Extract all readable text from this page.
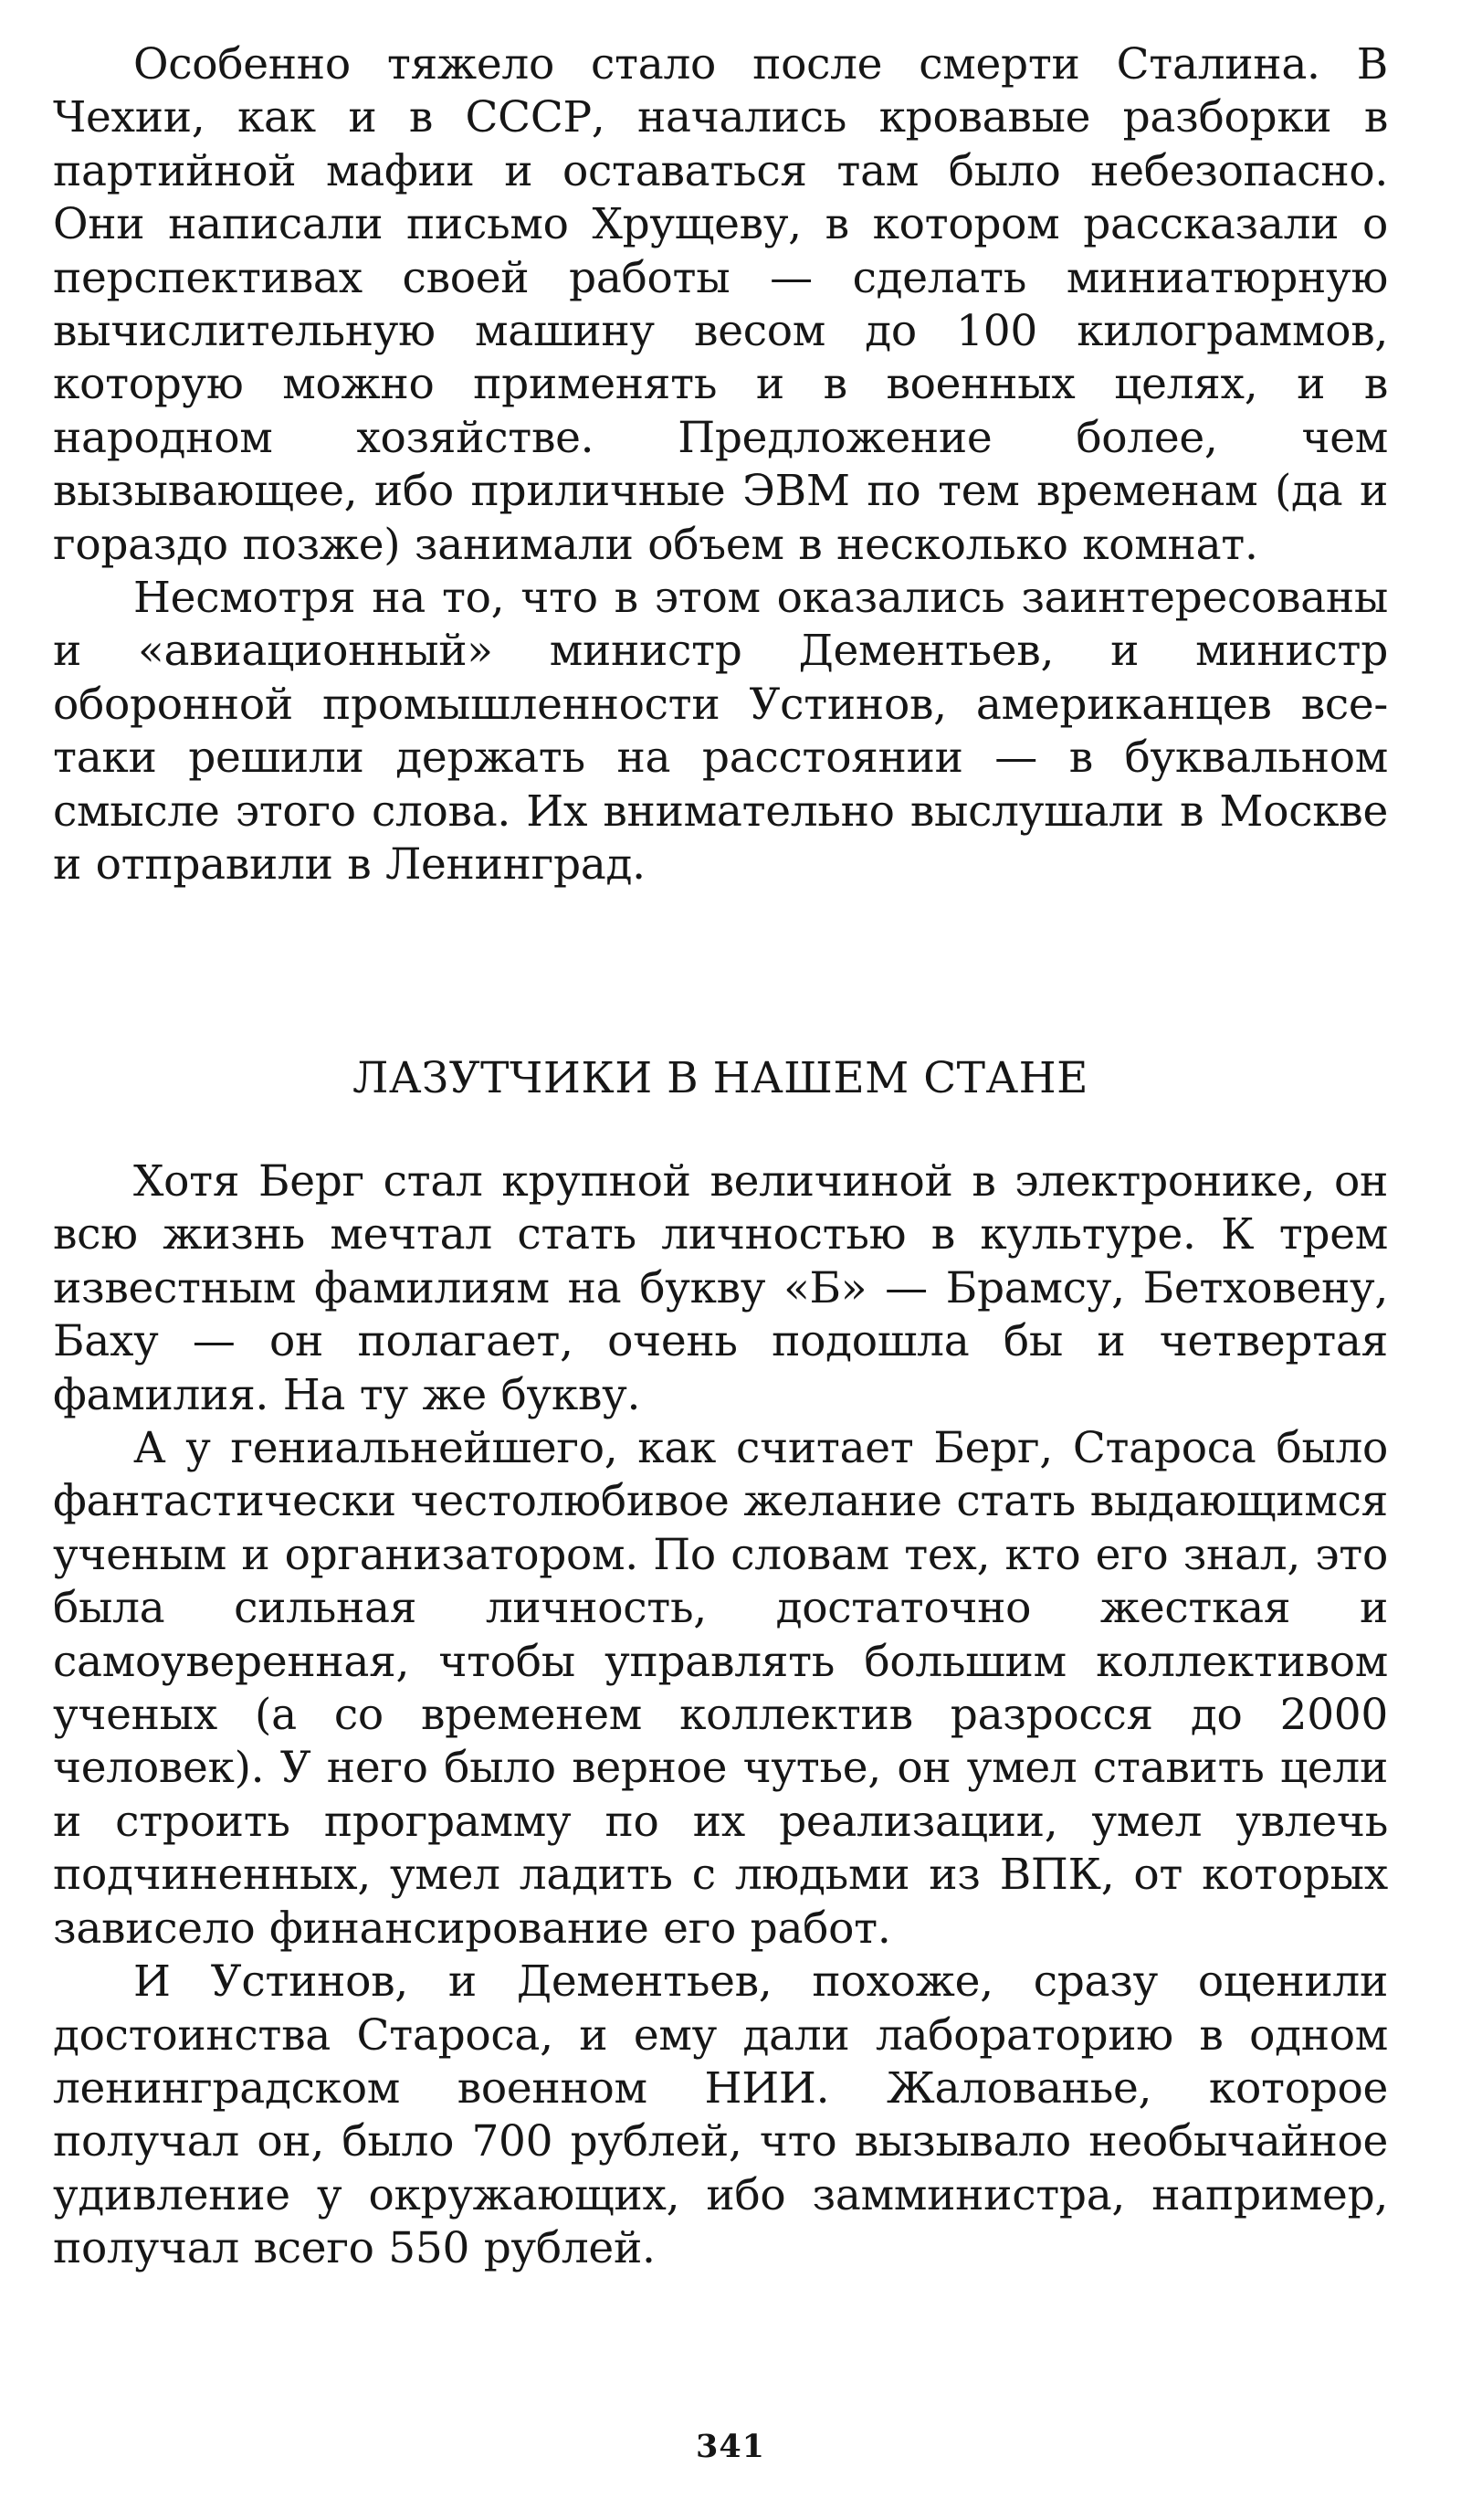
Особенно тяжело стало после смерти Сталина. В Чехии, как и в СССР, начались кровавые разборки в партийной мафии и оставаться там было небезопасно. Они написали письмо Хрущеву, в котором рассказали о перспективах своей работы — сделать миниатюрную вычислительную машину весом до 100 килограммов, которую можно применять и в военных целях, и в народном хозяйстве. Предложение более, чем вызывающее, ибо приличные ЭВМ по тем временам (да и гораздо позже) занимали объем в несколько комнат.

Несмотря на то, что в этом оказались заинтересованы и «авиационный» министр Дементьев, и министр оборонной промышленности Устинов, американцев все-таки решили держать на расстоянии — в буквальном смысле этого слова. Их внимательно выслушали в Москве и отправили в Ленинград.

ЛАЗУТЧИКИ В НАШЕМ СТАНЕ

Хотя Берг стал крупной величиной в электронике, он всю жизнь мечтал стать личностью в культуре. К трем известным фамилиям на букву «Б» — Брамсу, Бетховену, Баху — он полагает, очень подошла бы и четвертая фамилия. На ту же букву.

А у гениальнейшего, как считает Берг, Староса было фантастически честолюбивое желание стать выдающимся ученым и организатором. По словам тех, кто его знал, это была сильная личность, достаточно жесткая и самоуверенная, чтобы управлять большим коллективом ученых (а со временем коллектив разросся до 2000 человек). У него было верное чутье, он умел ставить цели и строить программу по их реализации, умел увлечь подчиненных, умел ладить с людьми из ВПК, от которых зависело финансирование его работ.

И Устинов, и Дементьев, похоже, сразу оценили достоинства Староса, и ему дали лабораторию в одном ленинградском военном НИИ. Жалованье, которое получал он, было 700 рублей, что вызывало необычайное удивление у окружающих, ибо замминистра, например, получал всего 550 рублей.

341
